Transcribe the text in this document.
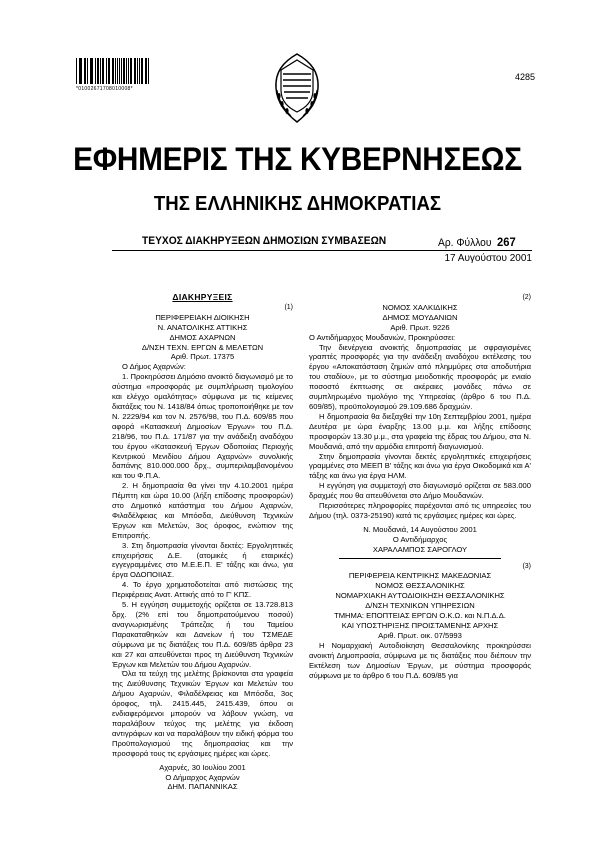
*01002671708010008*
4285
ΕΦΗΜΕΡΙΣ ΤΗΣ ΚΥΒΕΡΝΗΣΕΩΣ
ΤΗΣ ΕΛΛΗΝΙΚΗΣ ΔΗΜΟΚΡΑΤΙΑΣ
ΤΕΥΧΟΣ ΔΙΑΚΗΡΥΞΕΩΝ ΔΗΜΟΣΙΩΝ ΣΥΜΒΑΣΕΩΝ	Αρ. Φύλλου 267
17 Αυγούστου 2001

ΔΙΑΚΗΡΥΞΕΙΣ

(1)

ΠΕΡΙΦΕΡΕΙΑΚΗ ΔΙΟΙΚΗΣΗ

Ν. ΑΝΑΤΟΛΙΚΗΣ ΑΤΤΙΚΗΣ

ΔΗΜΟΣ ΑΧΑΡΝΩΝ

Δ/ΝΣΗ ΤΕΧΝ. ΕΡΓΩΝ & ΜΕΛΕΤΩΝ

Αριθ. Πρωτ. 17375

Ο Δήμος Αχαρνών:

1. Προκηρύσσει Δημόσιο ανοικτό διαγωνισμό με το σύστημα «προσφοράς με συμπλήρωση τιμολογίου και ελέγχο ομαλότητας» σύμφωνα με τις κείμενες διατάξεις του Ν. 1418/84 όπως τροποποιήθηκε με τον Ν. 2229/94 και τον Ν. 2576/98, του Π.Δ. 609/85 που αφορά «Κατασκευή Δημοσίων Έργων» του Π.Δ. 218/96, του Π.Δ. 171/87 για την ανάδειξη αναδόχου του έργου «Κατασκευή Έργων Οδοποιίας Περιοχής Κεντρικού Μενιδίου Δήμου Αχαρνών» συνολικής δαπάνης 810.000.000 δρχ., συμπεριλαμβανομένου και του Φ.Π.Α.

2. Η δημοπρασία θα γίνει την 4.10.2001 ημέρα Πέμπτη και ώρα 10.00 (λήξη επίδοσης προσφορών) στο Δημοτικό κατάστημα του Δήμου Αχαρνών, Φιλαδέλφειας και Μπόσδα, Διεύθυνση Τεχνικών Έργων και Μελετών, 3ος όροφος, ενώπιον της Επιτροπής.

3. Στη δημοπρασία γίνονται δεκτές: Εργοληπτικές επιχειρήσεις Δ.Ε. (ατομικές ή εταιρικές) εγγεγραμμένες στο Μ.Ε.Ε.Π. Ε' τάξης και άνω, για έργα ΟΔΟΠΟΙΙΑΣ.

4. Το έργο χρηματοδοτείται από πιστώσεις της Περιφέρειας Ανατ. Αττικής από το Γ' ΚΠΣ.

5. Η εγγύηση συμμετοχής ορίζεται σε 13.728.813 δρχ. (2% επί του δημοπρατούμενου ποσού) αναγνωρισμένης Τράπεζας ή του Ταμείου Παρακαταθηκών και Δανείων ή του ΤΣΜΕΔΕ σύμφωνα με τις διατάξεις του Π.Δ. 609/85 άρθρα 23 και 27 και απευθύνεται προς τη Διεύθυνση Τεχνικών Έργων και Μελετών του Δήμου Αχαρνών.

Όλα τα τεύχη της μελέτης βρίσκονται στα γραφεία της Διεύθυνσης Τεχνικών Έργων και Μελετών του Δήμου Αχαρνών, Φιλαδέλφειας και Μπόσδα, 3ος όροφος, τηλ. 2415.445, 2415.439, όπου οι ενδιαφερόμενοι μπορούν να λάβουν γνώση, να παραλάβουν τεύχος της μελέτης για έκδοση αντιγράφων και να παραλάβουν την ειδική φόρμα του Προϋπολογισμού της δημοπρασίας και την προσφορά τους τις εργάσιμες ημέρες και ώρες.

Αχαρνές, 30 Ιουλίου 2001

Ο Δήμαρχος Αχαρνών

ΔΗΜ. ΠΑΠΑΝΝΙΚΑΣ

(2)

ΝΟΜΟΣ ΧΑΛΚΙΔΙΚΗΣ

ΔΗΜΟΣ ΜΟΥΔΑΝΙΩΝ

Αριθ. Πρωτ. 9226

Ο Αντιδήμαρχος Μουδανιών, Προκηρύσσει:

Την διενέργεια ανοικτής δημοπρασίας με σφραγισμένες γραπτές προσφορές για την ανάδειξη αναδόχου εκτέλεσης του έργου «Αποκατάσταση ζημιών από πλημμύρες στα αποδυτήρια του σταδίου», με το σύστημα μειοδοτικής προσφοράς με ενιαίο ποσοστό έκπτωσης σε ακέραιες μονάδες πάνω σε συμπληρωμένο τιμολόγιο της Υπηρεσίας (άρθρο 6 του Π.Δ. 609/85), προϋπολογισμού 29.109.686 δραχμών.

Η δημοπρασία θα διεξαχθεί την 10η Σεπτεμβρίου 2001, ημέρα Δευτέρα με ώρα έναρξης 13.00 μ.μ. και λήξης επίδοσης προσφορών 13.30 μ.μ., στα γραφεία της έδρας του Δήμου, στα Ν. Μουδανιά, από την αρμόδια επιτροπή διαγωνισμού.

Στην δημοπρασία γίνονται δεκτές εργοληπτικές επιχειρήσεις γραμμένες στο ΜΕΕΠ Β' τάξης και άνω για έργα Οικοδομικά και Α' τάξης και άνω για έργα ΗΛΜ.

Η εγγύηση για συμμετοχή στο διαγωνισμό ορίζεται σε 583.000 δραχμές που θα απευθύνεται στο Δήμο Μουδανιών.

Περισσότερες πληροφορίες παρέχονται από τις υπηρεσίες του Δήμου (τηλ. 0373-25190) κατά τις εργάσιμες ημέρες και ώρες.

Ν. Μουδανιά, 14 Αυγούστου 2001

Ο Αντιδήμαρχος

ΧΑΡΑΛΑΜΠΟΣ ΣΑΡΟΓΛΟΥ

(3)

ΠΕΡΙΦΕΡΕΙΑ ΚΕΝΤΡΙΚΗΣ ΜΑΚΕΔΟΝΙΑΣ

ΝΟΜΟΣ ΘΕΣΣΑΛΟΝΙΚΗΣ

ΝΟΜΑΡΧΙΑΚΗ ΑΥΤΟΔΙΟΙΚΗΣΗ ΘΕΣΣΑΛΟΝΙΚΗΣ

Δ/ΝΣΗ ΤΕΧΝΙΚΩΝ ΥΠΗΡΕΣΙΩΝ

ΤΜΗΜΑ: ΕΠΟΠΤΕΙΑΣ ΕΡΓΩΝ Ο.Κ.Ω. και Ν.Π.Δ.Δ.

ΚΑΙ ΥΠΟΣΤΗΡΙΞΗΣ ΠΡΟΙΣΤΑΜΕΝΗΣ ΑΡΧΗΣ

Αριθ. Πρωτ. οικ. 07/5993

Η Νομαρχιακή Αυτοδιοίκηση Θεσσαλονίκης προκηρύσσει ανοικτή Δημοπρασία, σύμφωνα με τις διατάξεις που διέπουν την Εκτέλεση των Δημοσίων Έργων, με σύστημα προσφοράς σύμφωνα με το άρθρο 6 του Π.Δ. 609/85 για
